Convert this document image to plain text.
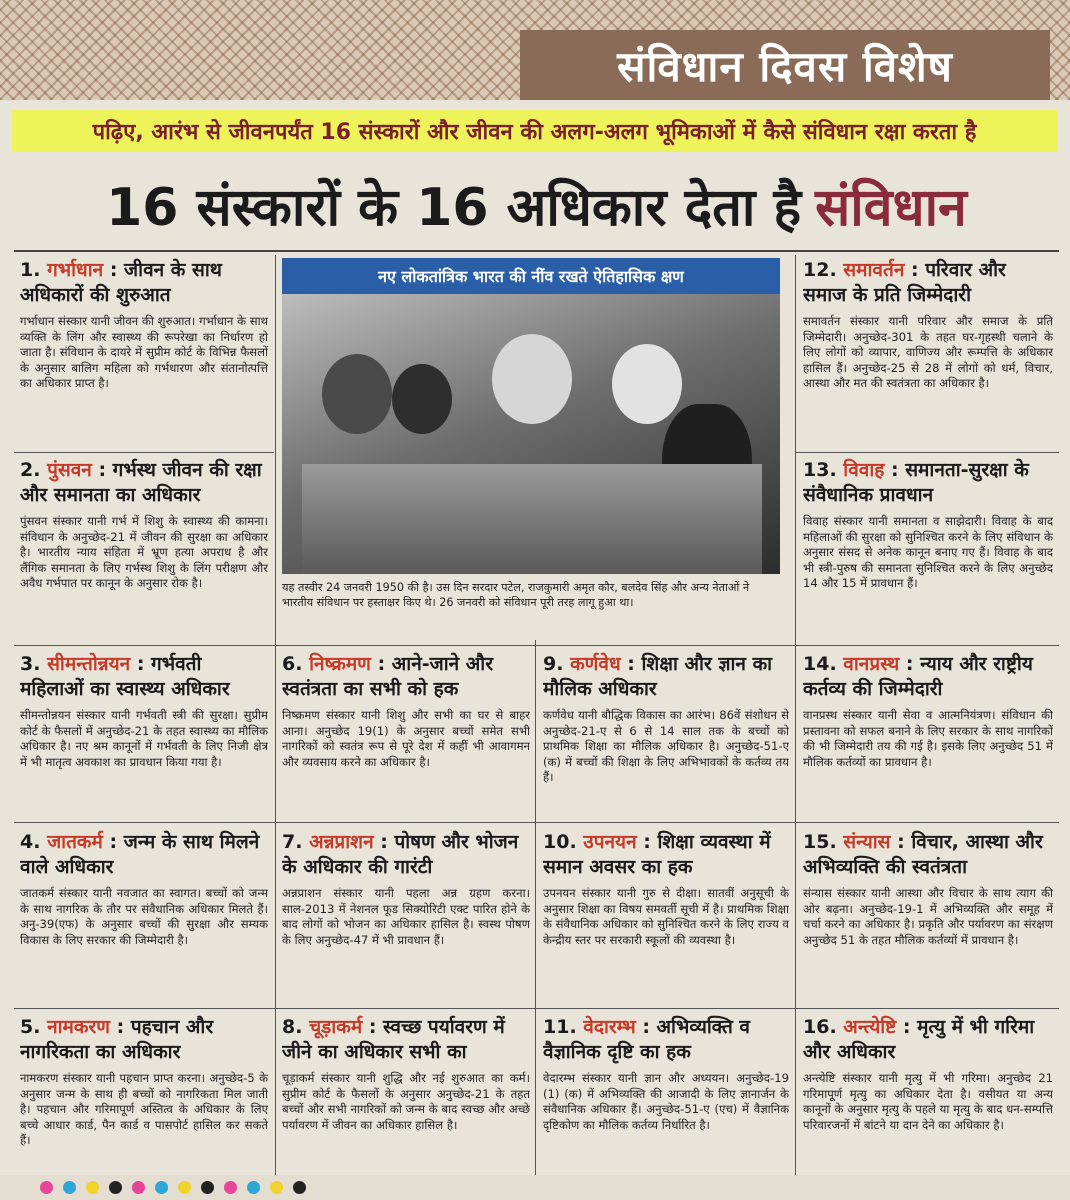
संविधान दिवस विशेष
पढ़िए, आरंभ से जीवनपर्यंत 16 संस्कारों और जीवन की अलग-अलग भूमिकाओं में कैसे संविधान रक्षा करता है
16 संस्कारों के 16 अधिकार देता है संविधान
1. गर्भाधान : जीवन के साथ अधिकारों की शुरुआत
गर्भाधान संस्कार यानी जीवन की शुरुआत। गर्भाधान के साथ व्यक्ति के लिंग और स्वास्थ्य की रूपरेखा का निर्धारण हो जाता है। संविधान के दायरे में सुप्रीम कोर्ट के विभिन्न फैसलों के अनुसार बालिग महिला को गर्भधारण और संतानोत्पत्ति का अधिकार प्राप्त है।
2. पुंसवन : गर्भस्थ जीवन की रक्षा और समानता का अधिकार
पुंसवन संस्कार यानी गर्भ में शिशु के स्वास्थ्य की कामना। संविधान के अनुच्छेद-21 में जीवन की सुरक्षा का अधिकार है। भारतीय न्याय संहिता में भ्रूण हत्या अपराध है और लैंगिक समानता के लिए गर्भस्थ शिशु के लिंग परीक्षण और अवैध गर्भपात पर कानून के अनुसार रोक है।
3. सीमन्तोन्नयन : गर्भवती महिलाओं का स्वास्थ्य अधिकार
सीमन्तोन्नयन संस्कार यानी गर्भवती स्त्री की सुरक्षा। सुप्रीम कोर्ट के फैसलों में अनुच्छेद-21 के तहत स्वास्थ्य का मौलिक अधिकार है। नए श्रम कानूनों में गर्भवती के लिए निजी क्षेत्र में भी मातृत्व अवकाश का प्रावधान किया गया है।
4. जातकर्म : जन्म के साथ मिलने वाले अधिकार
जातकर्म संस्कार यानी नवजात का स्वागत। बच्चों को जन्म के साथ नागरिक के तौर पर संवैधानिक अधिकार मिलते हैं। अनु-39(एफ) के अनुसार बच्चों की सुरक्षा और सम्यक विकास के लिए सरकार की जिम्मेदारी है।
5. नामकरण : पहचान और नागरिकता का अधिकार
नामकरण संस्कार यानी पहचान प्राप्त करना। अनुच्छेद-5 के अनुसार जन्म के साथ ही बच्चों को नागरिकता मिल जाती है। पहचान और गरिमापूर्ण अस्तित्व के अधिकार के लिए बच्चे आधार कार्ड, पैन कार्ड व पासपोर्ट हासिल कर सकते हैं।
नए लोकतांत्रिक भारत की नींव रखते ऐतिहासिक क्षण
यह तस्वीर 24 जनवरी 1950 की है। उस दिन सरदार पटेल, राजकुमारी अमृत कौर, बलदेव सिंह और अन्य नेताओं ने भारतीय संविधान पर हस्ताक्षर किए थे। 26 जनवरी को संविधान पूरी तरह लागू हुआ था।
6. निष्क्रमण : आने-जाने और स्वतंत्रता का सभी को हक
निष्क्रमण संस्कार यानी शिशु और सभी का घर से बाहर आना। अनुच्छेद 19(1) के अनुसार बच्चों समेत सभी नागरिकों को स्वतंत्र रूप से पूरे देश में कहीं भी आवागमन और व्यवसाय करने का अधिकार है।
7. अन्नप्राशन : पोषण और भोजन के अधिकार की गारंटी
अन्नप्राशन संस्कार यानी पहला अन्न ग्रहण करना। साल-2013 में नेशनल फूड सिक्योरिटी एक्ट पारित होने के बाद लोगों को भोजन का अधिकार हासिल है। स्वस्थ पोषण के लिए अनुच्छेद-47 में भी प्रावधान हैं।
8. चूड़ाकर्म : स्वच्छ पर्यावरण में जीने का अधिकार सभी का
चूड़ाकर्म संस्कार यानी शुद्धि और नई शुरुआत का कर्म। सुप्रीम कोर्ट के फैसलों के अनुसार अनुच्छेद-21 के तहत बच्चों और सभी नागरिकों को जन्म के बाद स्वच्छ और अच्छे पर्यावरण में जीवन का अधिकार हासिल है।
9. कर्णवेध : शिक्षा और ज्ञान का मौलिक अधिकार
कर्णवेध यानी बौद्धिक विकास का आरंभ। 86वें संशोधन से अनुच्छेद-21-ए से 6 से 14 साल तक के बच्चों को प्राथमिक शिक्षा का मौलिक अधिकार है। अनुच्छेद-51-ए (क) में बच्चों की शिक्षा के लिए अभिभावकों के कर्तव्य तय हैं।
10. उपनयन : शिक्षा व्यवस्था में समान अवसर का हक
उपनयन संस्कार यानी गुरु से दीक्षा। सातवीं अनुसूची के अनुसार शिक्षा का विषय समवर्ती सूची में है। प्राथमिक शिक्षा के संवैधानिक अधिकार को सुनिश्चित करने के लिए राज्य व केन्द्रीय स्तर पर सरकारी स्कूलों की व्यवस्था है।
11. वेदारम्भ : अभिव्यक्ति व वैज्ञानिक दृष्टि का हक
वेदारम्भ संस्कार यानी ज्ञान और अध्ययन। अनुच्छेद-19 (1) (क) में अभिव्यक्ति की आजादी के लिए ज्ञानार्जन के संवैधानिक अधिकार हैं। अनुच्छेद-51-ए (एच) में वैज्ञानिक दृष्टिकोण का मौलिक कर्तव्य निर्धारित है।
12. समावर्तन : परिवार और समाज के प्रति जिम्मेदारी
समावर्तन संस्कार यानी परिवार और समाज के प्रति जिम्मेदारी। अनुच्छेद-301 के तहत घर-गृहस्थी चलाने के लिए लोगों को व्यापार, वाणिज्य और रूम्पत्ति के अधिकार हासिल हैं। अनुच्छेद-25 से 28 में लोगों को धर्म, विचार, आस्था और मत की स्वतंत्रता का अधिकार है।
13. विवाह : समानता-सुरक्षा के संवैधानिक प्रावधान
विवाह संस्कार यानी समानता व साझेदारी। विवाह के बाद महिलाओं की सुरक्षा को सुनिश्चित करने के लिए संविधान के अनुसार संसद से अनेक कानून बनाए गए हैं। विवाह के बाद भी स्त्री-पुरुष की समानता सुनिश्चित करने के लिए अनुच्छेद 14 और 15 में प्रावधान हैं।
14. वानप्रस्थ : न्याय और राष्ट्रीय कर्तव्य की जिम्मेदारी
वानप्रस्थ संस्कार यानी सेवा व आत्मनियंत्रण। संविधान की प्रस्तावना को सफल बनाने के लिए सरकार के साथ नागरिकों की भी जिम्मेदारी तय की गई है। इसके लिए अनुच्छेद 51 में मौलिक कर्तव्यों का प्रावधान है।
15. संन्यास : विचार, आस्था और अभिव्यक्ति की स्वतंत्रता
संन्यास संस्कार यानी आस्था और विचार के साथ त्याग की ओर बढ़ना। अनुच्छेद-19-1 में अभिव्यक्ति और समूह में चर्चा करने का अधिकार है। प्रकृति और पर्यावरण का संरक्षण अनुच्छेद 51 के तहत मौलिक कर्तव्यों में प्रावधान है।
16. अन्त्येष्टि : मृत्यु में भी गरिमा और अधिकार
अन्त्येष्टि संस्कार यानी मृत्यु में भी गरिमा। अनुच्छेद 21 गरिमापूर्ण मृत्यु का अधिकार देता है। वसीयत या अन्य कानूनों के अनुसार मृत्यु के पहले या मृत्यु के बाद धन-सम्पत्ति परिवारजनों में बांटने या दान देने का अधिकार है।
